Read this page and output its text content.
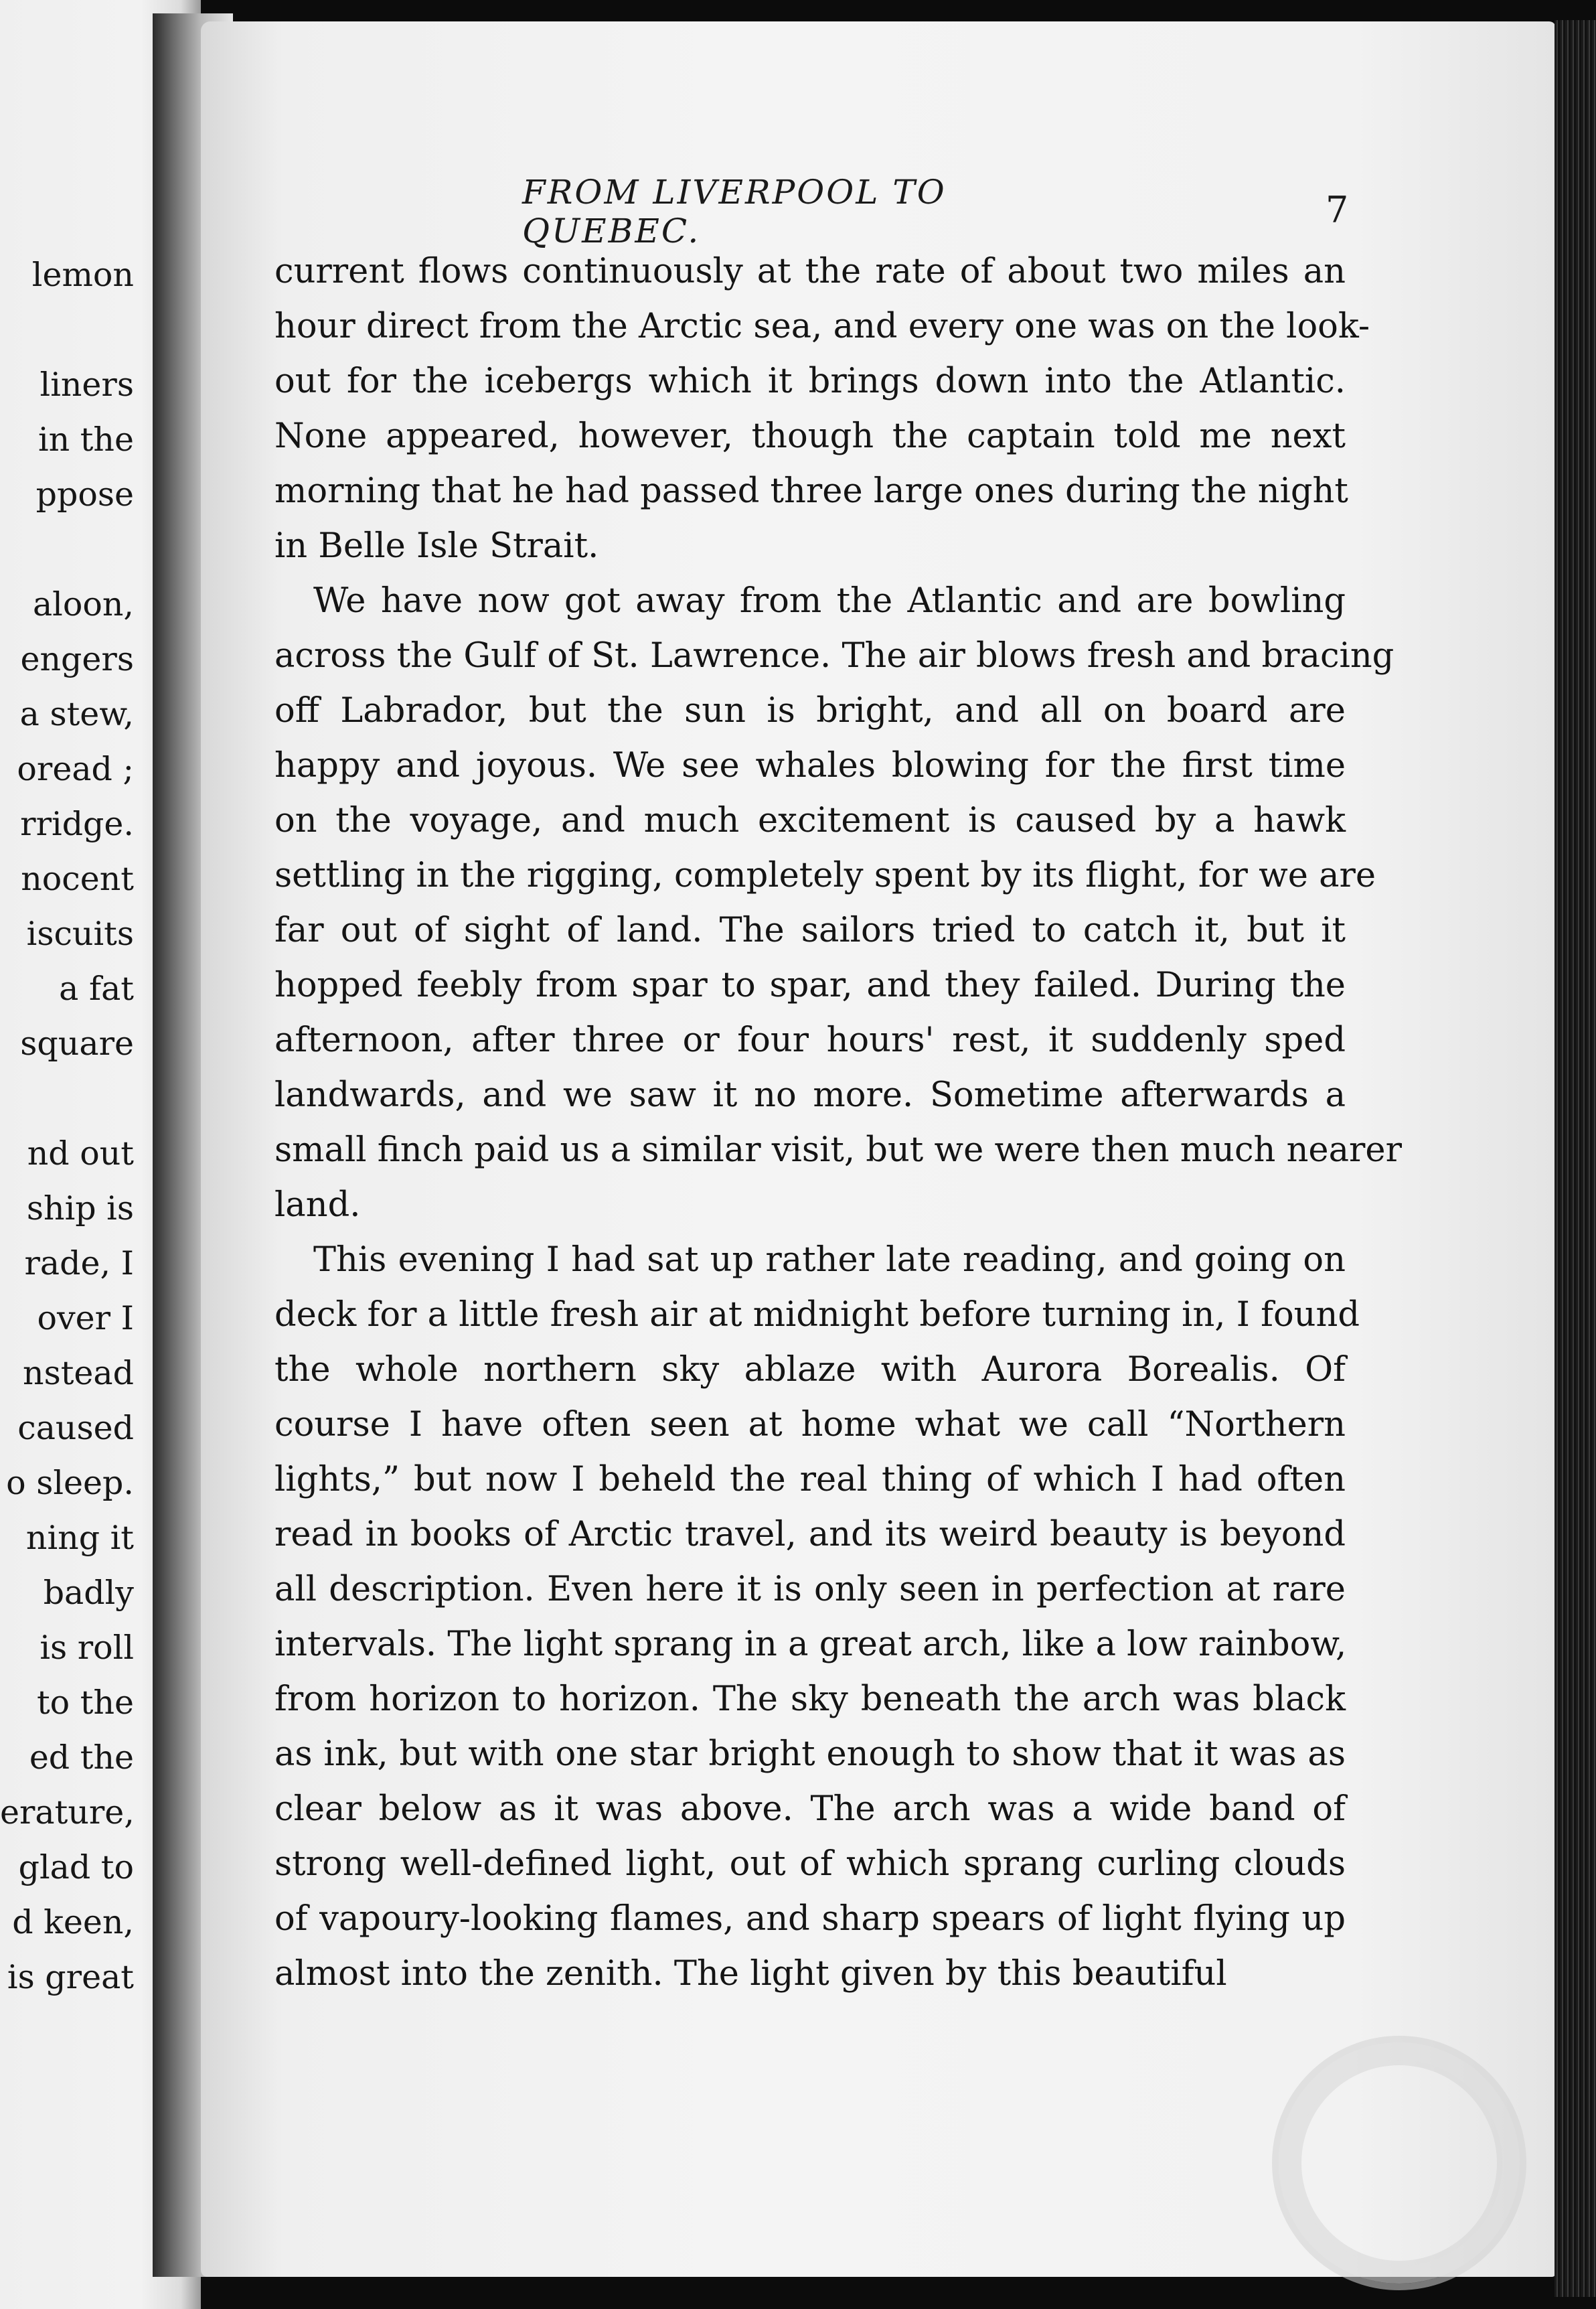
lemon
liners
in the
ppose
aloon,
engers
a stew,
oread ;
rridge.
nocent
iscuits
a fat
square
nd out
ship is
rade, I
over I
nstead
caused
o sleep.
ning it
badly
is roll
to the
ed the
erature,
glad to
d keen,
is great
FROM LIVERPOOL TO QUEBEC.	7
current flows continuously at the rate of about two miles an
hour direct from the Arctic sea, and every one was on the look-
out for the icebergs which it brings down into the Atlantic.
None appeared, however, though the captain told me next
morning that he had passed three large ones during the night
in Belle Isle Strait.
We have now got away from the Atlantic and are bowling
across the Gulf of St. Lawrence. The air blows fresh and bracing
off Labrador, but the sun is bright, and all on board are
happy and joyous. We see whales blowing for the first time
on the voyage, and much excitement is caused by a hawk
settling in the rigging, completely spent by its flight, for we are
far out of sight of land. The sailors tried to catch it, but it
hopped feebly from spar to spar, and they failed. During the
afternoon, after three or four hours' rest, it suddenly sped
landwards, and we saw it no more. Sometime afterwards a
small finch paid us a similar visit, but we were then much nearer
land.
This evening I had sat up rather late reading, and going on
deck for a little fresh air at midnight before turning in, I found
the whole northern sky ablaze with Aurora Borealis. Of
course I have often seen at home what we call “Northern
lights,” but now I beheld the real thing of which I had often
read in books of Arctic travel, and its weird beauty is beyond
all description. Even here it is only seen in perfection at rare
intervals. The light sprang in a great arch, like a low rainbow,
from horizon to horizon. The sky beneath the arch was black
as ink, but with one star bright enough to show that it was as
clear below as it was above. The arch was a wide band of
strong well-defined light, out of which sprang curling clouds
of vapoury-looking flames, and sharp spears of light flying up
almost into the zenith. The light given by this beautiful
